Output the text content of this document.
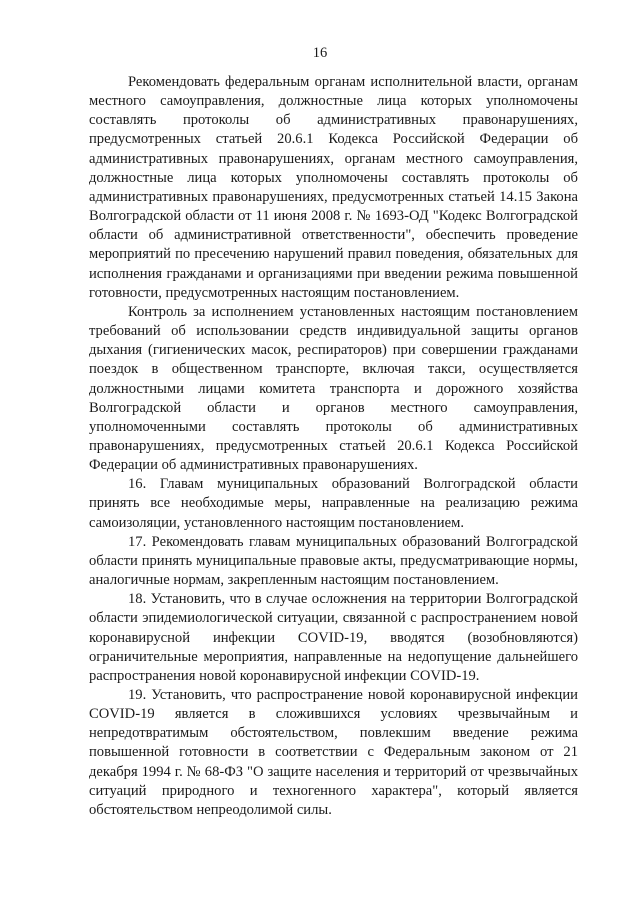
16

Рекомендовать федеральным органам исполнительной власти, органам местного самоуправления, должностные лица которых уполномочены составлять протоколы об административных правонарушениях, предусмотренных статьей 20.6.1 Кодекса Российской Федерации об административных правонарушениях, органам местного самоуправления, должностные лица которых уполномочены составлять протоколы об административных правонарушениях, предусмотренных статьей 14.15 Закона Волгоградской области от 11 июня 2008 г. № 1693-ОД "Кодекс Волгоградской области об административной ответственности", обеспечить проведение мероприятий по пресечению нарушений правил поведения, обязательных для исполнения гражданами и организациями при введении режима повышенной готовности, предусмотренных настоящим постановлением.

Контроль за исполнением установленных настоящим постановлением требований об использовании средств индивидуальной защиты органов дыхания (гигиенических масок, респираторов) при совершении гражданами поездок в общественном транспорте, включая такси, осуществляется должностными лицами комитета транспорта и дорожного хозяйства Волгоградской области и органов местного самоуправления, уполномоченными составлять протоколы об административных правонарушениях, предусмотренных статьей 20.6.1 Кодекса Российской Федерации об административных правонарушениях.

16. Главам муниципальных образований Волгоградской области принять все необходимые меры, направленные на реализацию режима самоизоляции, установленного настоящим постановлением.

17. Рекомендовать главам муниципальных образований Волгоградской области принять муниципальные правовые акты, предусматривающие нормы, аналогичные нормам, закрепленным настоящим постановлением.

18. Установить, что в случае осложнения на территории Волгоградской области эпидемиологической ситуации, связанной с распространением новой коронавирусной инфекции COVID-19, вводятся (возобновляются) ограничительные мероприятия, направленные на недопущение дальнейшего распространения новой коронавирусной инфекции COVID-19.

19. Установить, что распространение новой коронавирусной инфекции COVID-19 является в сложившихся условиях чрезвычайным и непредотвратимым обстоятельством, повлекшим введение режима повышенной готовности в соответствии с Федеральным законом от 21 декабря 1994 г. № 68-ФЗ "О защите населения и территорий от чрезвычайных ситуаций природного и техногенного характера", который является обстоятельством непреодолимой силы.
